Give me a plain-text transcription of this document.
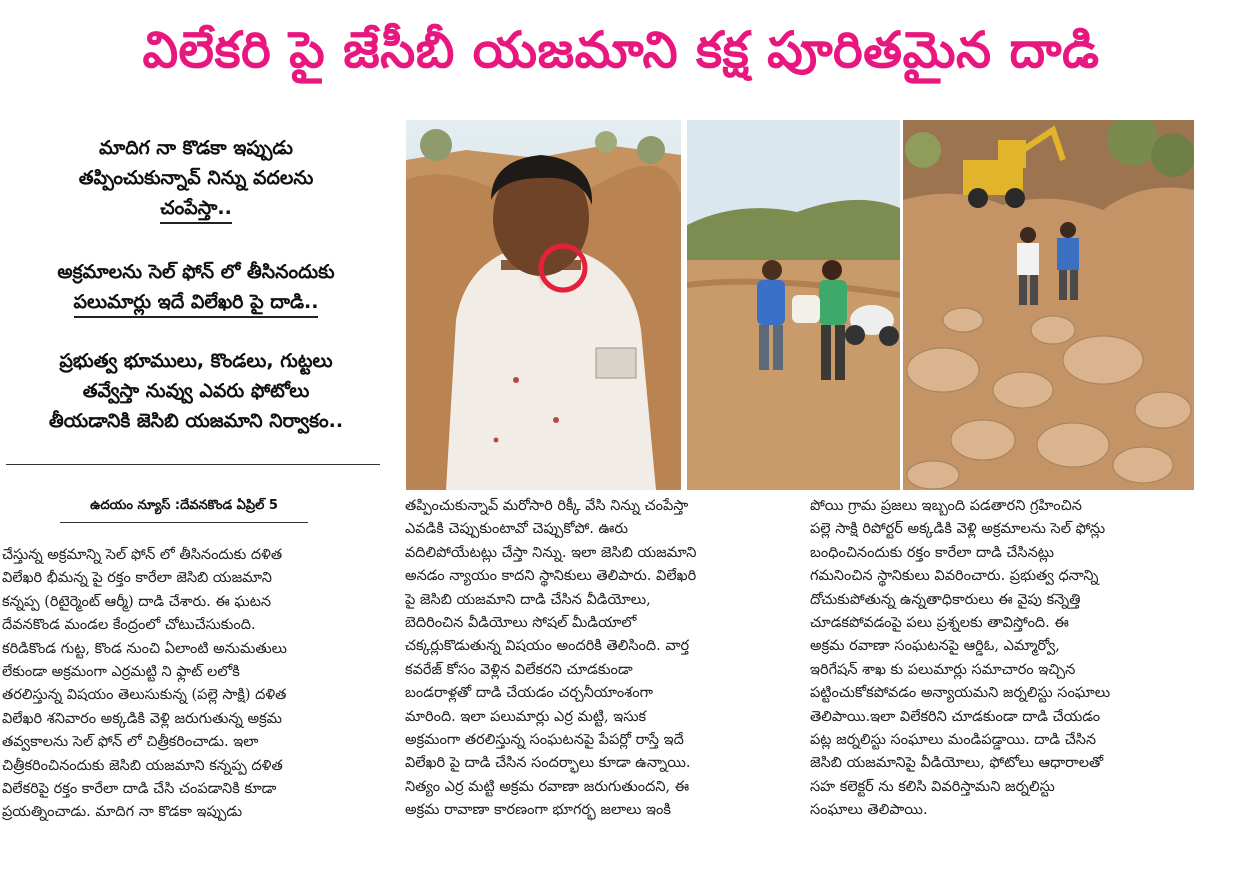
విలేకరి పై జేసీబీ యజమాని కక్ష పూరితమైన దాడి
మాదిగ నా కొడకా ఇప్పుడు
తప్పించుకున్నావ్ నిన్ను వదలను
చంపేస్తా..
అక్రమాలను సెల్ ఫోన్ లో తీసినందుకు
పలుమార్లు ఇదే విలేఖరి పై దాడి..
ప్రభుత్వ భూములు, కొండలు, గుట్టలు
తవ్వేస్తా నువ్వు ఎవరు ఫోటోలు
తీయడానికి జెసిబి యజమాని నిర్వాకం..
ఉదయం న్యూస్ :దేవనకొండ ఏప్రిల్ 5
చేస్తున్న అక్రమాన్ని సెల్ ఫోన్ లో తీసినందుకు దళిత
విలేఖరి భీమన్న పై రక్తం కారేలా జెసిబి యజమాని
కన్నప్ప (రిటైర్మెంట్ ఆర్మీ) దాడి చేశారు. ఈ ఘటన
దేవనకొండ మండల కేంద్రంలో చోటుచేసుకుంది.
కరిడికొండ గుట్ట, కొండ నుంచి ఏలాంటి అనుమతులు
లేకుండా అక్రమంగా ఎర్రమట్టి ని ఫ్లాట్ లలోకి
తరలిస్తున్న విషయం తెలుసుకున్న (పల్లె సాక్షి) దళిత
విలేఖరి శనివారం అక్కడికి వెళ్లి జరుగుతున్న అక్రమ
తవ్వకాలను సెల్ ఫోన్ లో చిత్రీకరించాడు. ఇలా
చిత్రీకరించినందుకు జెసిబి యజమాని కన్నప్ప దళిత
విలేకరిపై రక్తం కారేలా దాడి చేసి చంపడానికి కూడా
ప్రయత్నించాడు. మాదిగ నా కొడకా ఇప్పుడు
తప్పించుకున్నావ్ మరోసారి రిక్కీ వేసి నిన్ను చంపేస్తా
ఎవడికి చెప్పుకుంటావో చెప్పుకోపో. ఊరు
వదిలిపోయేటట్లు చేస్తా నిన్ను. ఇలా జెసిబి యజమాని
అనడం న్యాయం కాదని స్థానికులు తెలిపారు. విలేఖరి
పై జెసిబి యజమాని దాడి చేసిన వీడియోలు,
బెదిరించిన వీడియోలు సోషల్ మీడియాలో
చక్కర్లుకొడుతున్న విషయం అందరికి తెలిసింది. వార్త
కవరేజ్ కోసం వెళ్లిన విలేకరని చూడకుండా
బండరాళ్లతో దాడి చేయడం చర్చనీయాంశంగా
మారింది. ఇలా పలుమార్లు ఎర్ర మట్టి, ఇసుక
అక్రమంగా తరలిస్తున్న సంఘటనపై పేపర్లో రాస్తే ఇదే
విలేఖరి పై దాడి చేసిన సందర్భాలు కూడా ఉన్నాయి.
నిత్యం ఎర్ర మట్టి అక్రమ రవాణా జరుగుతుందని, ఈ
అక్రమ రావాణా కారణంగా భూగర్భ జలాలు ఇంకి
పోయి గ్రామ ప్రజలు ఇబ్బంది పడతారని గ్రహించిన
పల్లె సాక్షి రిపోర్టర్ అక్కడికి వెళ్లి అక్రమాలను సెల్ ఫోన్లు
బంధించినందుకు రక్తం కారేలా దాడి చేసినట్లు
గమనించిన స్థానికులు వివరించారు. ప్రభుత్వ ధనాన్ని
దోచుకుపోతున్న ఉన్నతాధికారులు ఈ వైపు కన్నెత్తి
చూడకపోవడంపై పలు ప్రశ్నలకు తావిస్తోంది. ఈ
అక్రమ రవాణా సంఘటనపై ఆర్డిఓ, ఎమ్మార్వో,
ఇరిగేషన్ శాఖ కు పలుమార్లు సమాచారం ఇచ్చిన
పట్టించుకోకపోవడం అన్యాయమని జర్నలిస్టు సంఘాలు
తెలిపాయి.ఇలా విలేకరిని చూడకుండా దాడి చేయడం
పట్ల జర్నలిస్టు సంఘాలు మండిపడ్డాయి. దాడి చేసిన
జెసిబి యజమానిపై వీడియోలు, ఫోటోలు ఆధారాలతో
సహ కలెక్టర్ ను కలిసి వివరిస్తామని జర్నలిస్టు
సంఘాలు తెలిపాయి.
